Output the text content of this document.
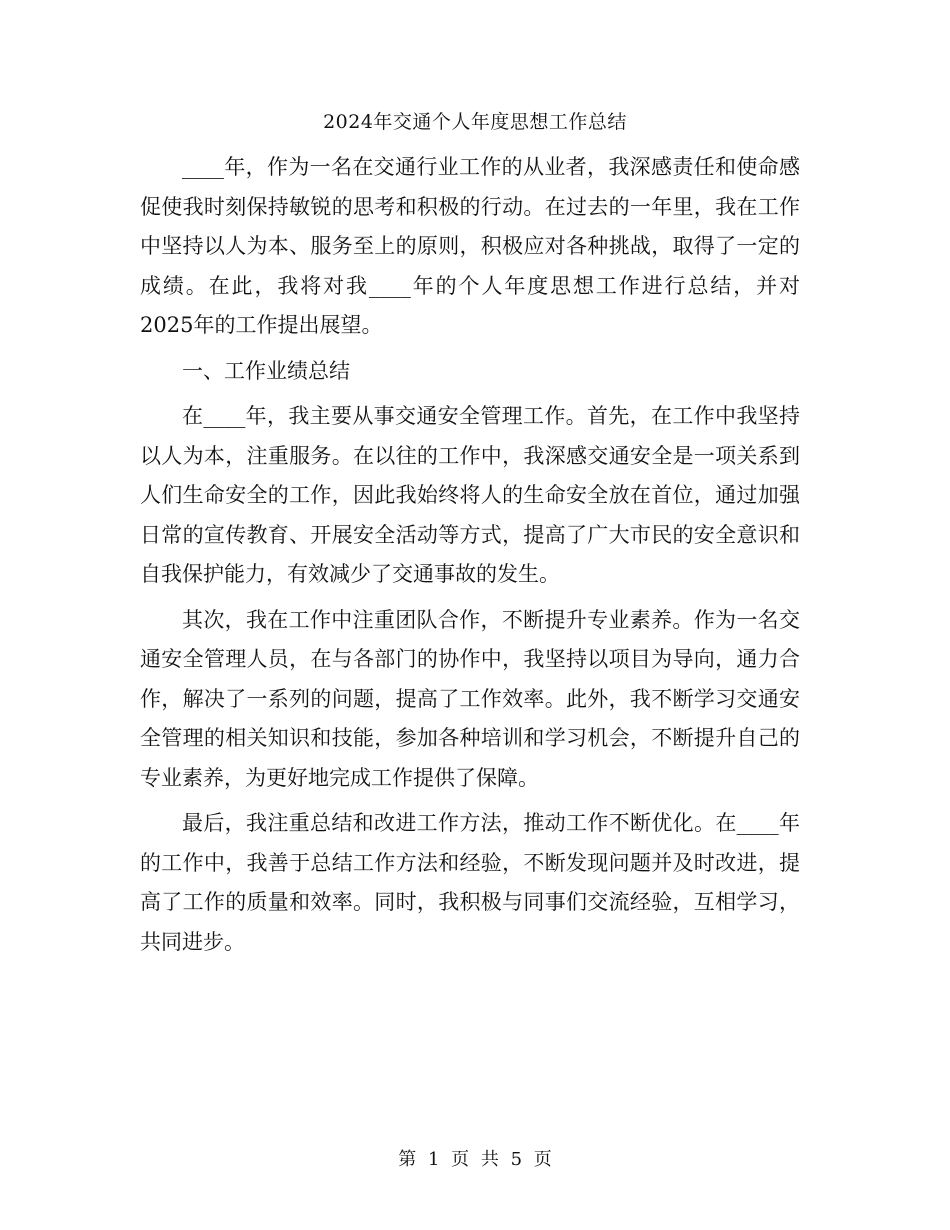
2024年交通个人年度思想工作总结

____年，作为一名在交通行业工作的从业者，我深感责任和使命感促使我时刻保持敏锐的思考和积极的行动。在过去的一年里，我在工作中坚持以人为本、服务至上的原则，积极应对各种挑战，取得了一定的成绩。在此，我将对我____年的个人年度思想工作进行总结，并对2025年的工作提出展望。

一、工作业绩总结

在____年，我主要从事交通安全管理工作。首先，在工作中我坚持以人为本，注重服务。在以往的工作中，我深感交通安全是一项关系到人们生命安全的工作，因此我始终将人的生命安全放在首位，通过加强日常的宣传教育、开展安全活动等方式，提高了广大市民的安全意识和自我保护能力，有效减少了交通事故的发生。

其次，我在工作中注重团队合作，不断提升专业素养。作为一名交通安全管理人员，在与各部门的协作中，我坚持以项目为导向，通力合作，解决了一系列的问题，提高了工作效率。此外，我不断学习交通安全管理的相关知识和技能，参加各种培训和学习机会，不断提升自己的专业素养，为更好地完成工作提供了保障。

最后，我注重总结和改进工作方法，推动工作不断优化。在____年的工作中，我善于总结工作方法和经验，不断发现问题并及时改进，提高了工作的质量和效率。同时，我积极与同事们交流经验，互相学习，共同进步。

第 1 页 共 5 页
